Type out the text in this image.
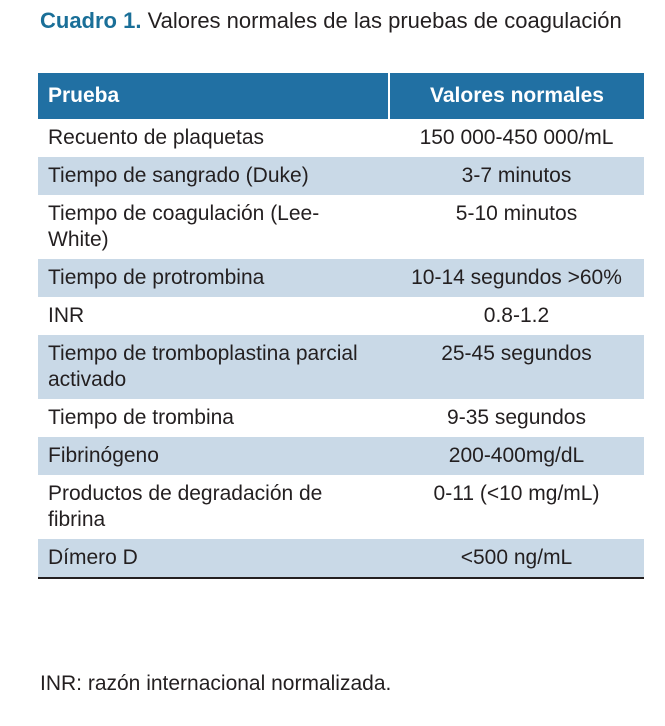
Cuadro 1. Valores normales de las pruebas de coagulación
Prueba	Valores normales
Recuento de plaquetas	150 000-450 000/mL
Tiempo de sangrado (Duke)	3-7 minutos
Tiempo de coagulación (Lee-White)	5-10 minutos
Tiempo de protrombina	10-14 segundos >60%
INR	0.8-1.2
Tiempo de tromboplastina parcial activado	25-45 segundos
Tiempo de trombina	9-35 segundos
Fibrinógeno	200-400mg/dL
Productos de degradación de fibrina	0-11 (<10 mg/mL)
Dímero D	<500 ng/mL
INR: razón internacional normalizada.
